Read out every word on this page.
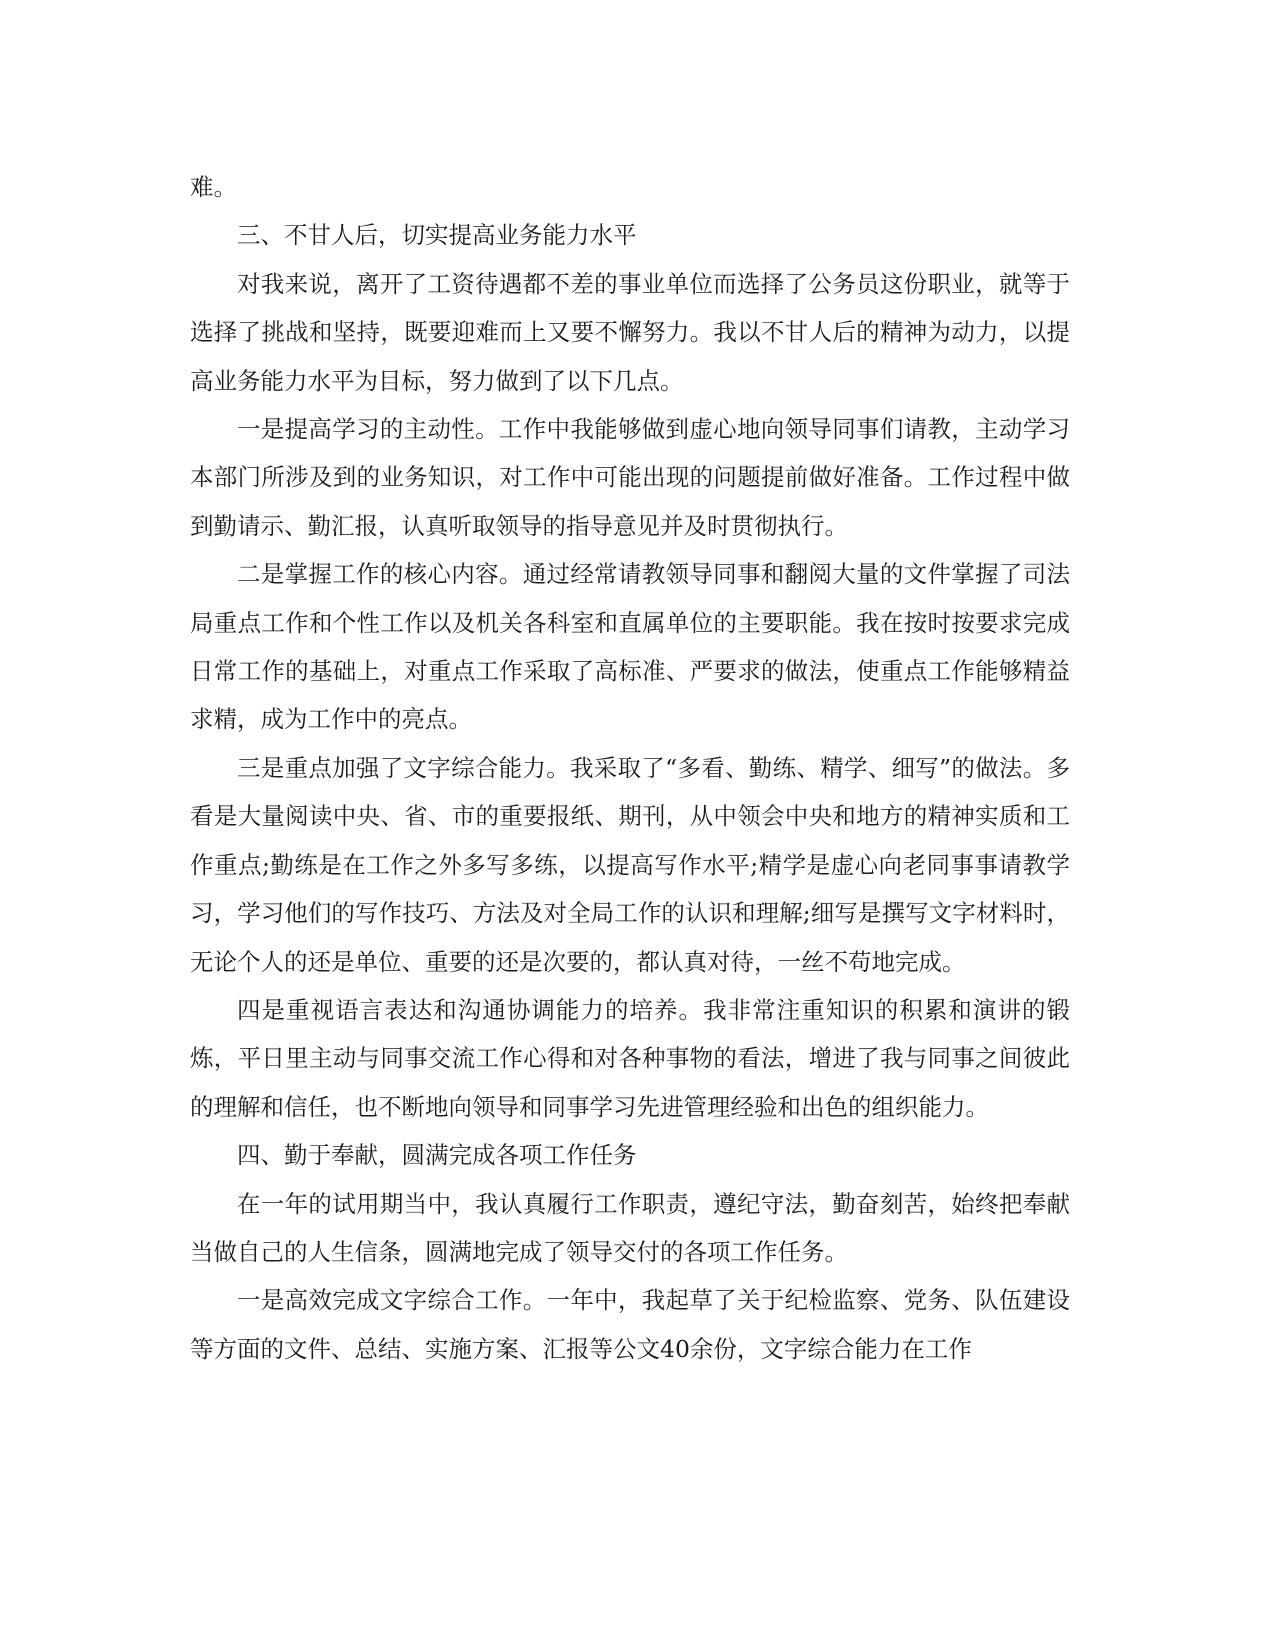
难。

三、不甘人后，切实提高业务能力水平

对我来说，离开了工资待遇都不差的事业单位而选择了公务员这份职业，就等于选择了挑战和坚持，既要迎难而上又要不懈努力。我以不甘人后的精神为动力，以提高业务能力水平为目标，努力做到了以下几点。

一是提高学习的主动性。工作中我能够做到虚心地向领导同事们请教，主动学习本部门所涉及到的业务知识，对工作中可能出现的问题提前做好准备。工作过程中做到勤请示、勤汇报，认真听取领导的指导意见并及时贯彻执行。

二是掌握工作的核心内容。通过经常请教领导同事和翻阅大量的文件掌握了司法局重点工作和个性工作以及机关各科室和直属单位的主要职能。我在按时按要求完成日常工作的基础上，对重点工作采取了高标准、严要求的做法，使重点工作能够精益求精，成为工作中的亮点。

三是重点加强了文字综合能力。我采取了“多看、勤练、精学、细写”的做法。多看是大量阅读中央、省、市的重要报纸、期刊，从中领会中央和地方的精神实质和工作重点;勤练是在工作之外多写多练，以提高写作水平;精学是虚心向老同事事请教学习，学习他们的写作技巧、方法及对全局工作的认识和理解;细写是撰写文字材料时，无论个人的还是单位、重要的还是次要的，都认真对待，一丝不苟地完成。

四是重视语言表达和沟通协调能力的培养。我非常注重知识的积累和演讲的锻炼，平日里主动与同事交流工作心得和对各种事物的看法，增进了我与同事之间彼此的理解和信任，也不断地向领导和同事学习先进管理经验和出色的组织能力。

四、勤于奉献，圆满完成各项工作任务

在一年的试用期当中，我认真履行工作职责，遵纪守法，勤奋刻苦，始终把奉献当做自己的人生信条，圆满地完成了领导交付的各项工作任务。

一是高效完成文字综合工作。一年中，我起草了关于纪检监察、党务、队伍建设等方面的文件、总结、实施方案、汇报等公文40余份，文字综合能力在工作
